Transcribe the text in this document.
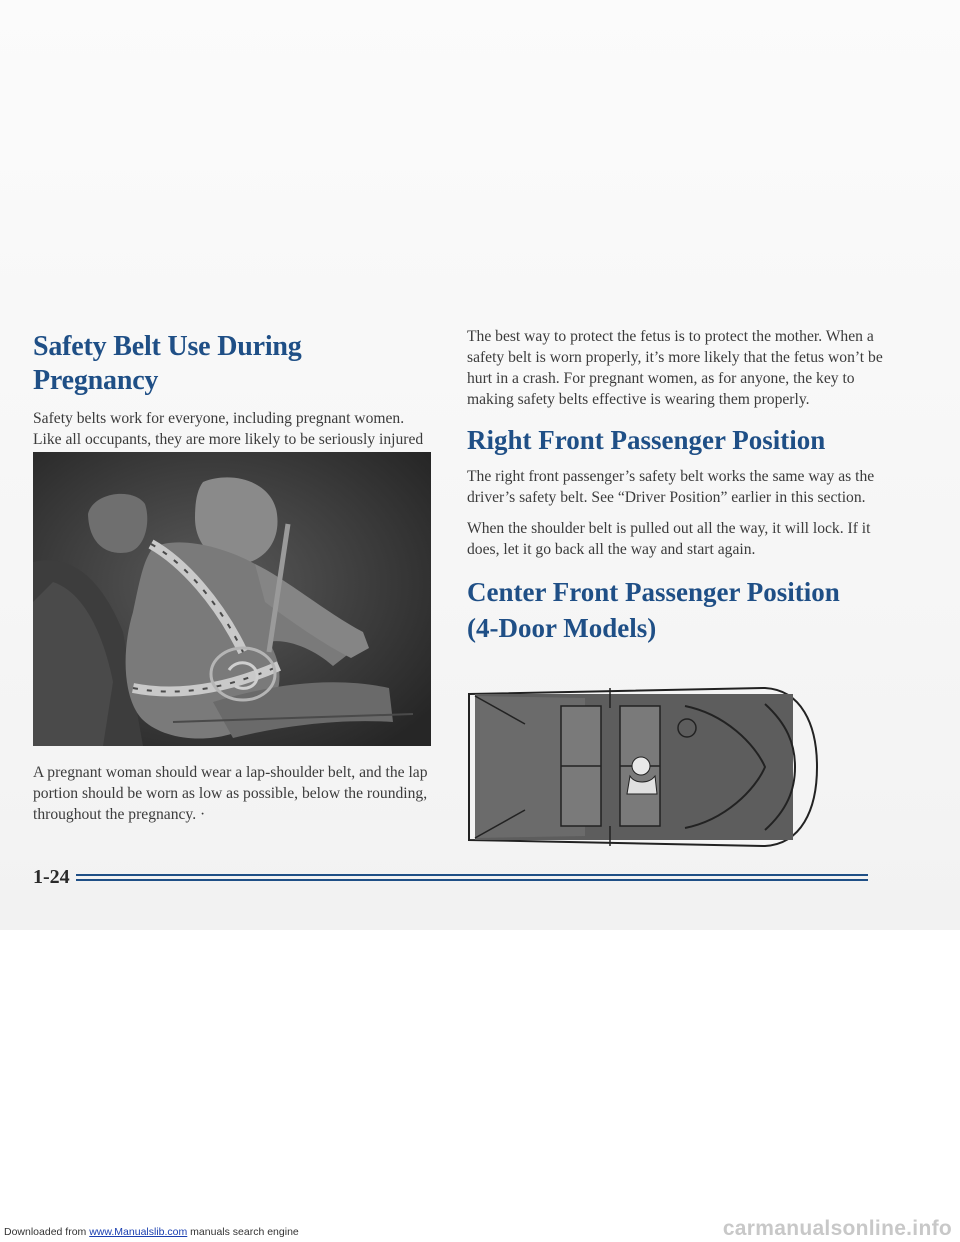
Safety Belt Use During Pregnancy

Safety belts work for everyone, including pregnant women. Like all occupants, they are more likely to be seriously injured

A pregnant woman should wear a lap-shoulder belt, and the lap portion should be worn as low as possible, below the rounding, throughout the pregnancy. ·

The best way to protect the fetus is to protect the mother. When a safety belt is worn properly, it’s more likely that the fetus won’t be hurt in a crash. For pregnant women, as for anyone, the key to making safety belts effective is wearing them properly.

Right Front Passenger Position

The right front passenger’s safety belt works the same way as the driver’s safety belt. See “Driver Position” earlier in this section.

When the shoulder belt is pulled out all the way, it will lock. If it does, let it go back all the way and start again.

Center Front Passenger Position
(4-Door Models)
1-24
Downloaded from www.Manualslib.com manuals search engine	carmanualsonline.info
